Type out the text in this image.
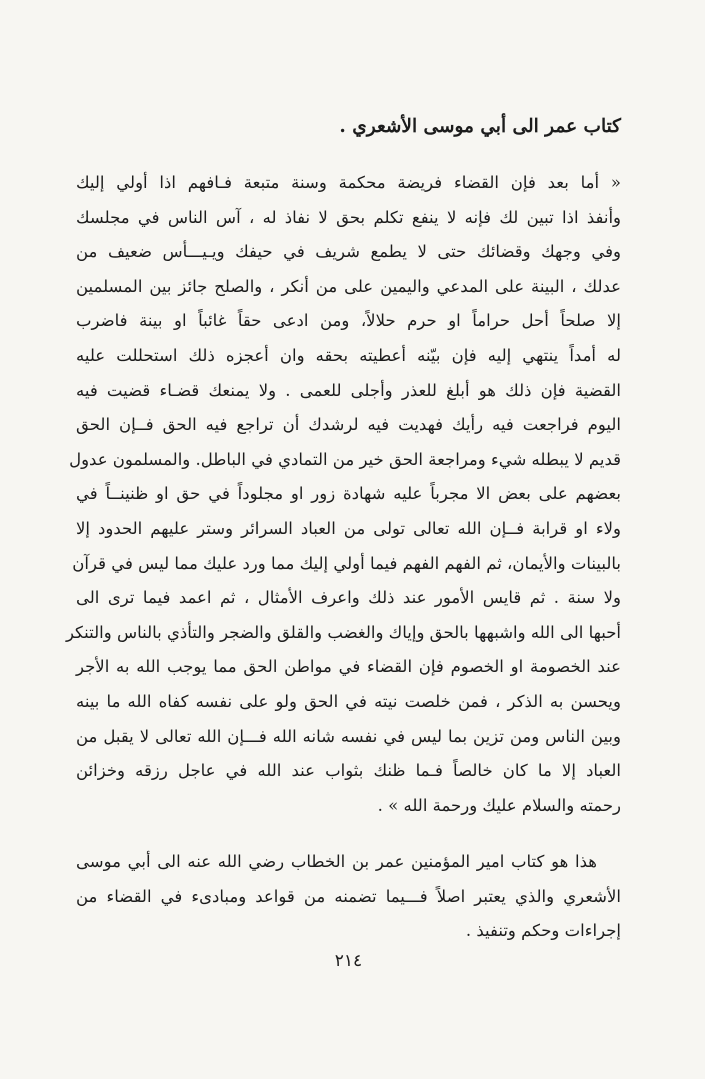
كتاب عمر الى أبي موسى الأشعري .
« أما بعد فإن القضاء فريضة محكمة وسنة متبعة فـافهم اذا أولي إليك
وأنفذ اذا تبين لك فإنه لا ينفع تكلم بحق لا نفاذ له ، آس الناس في مجلسك
وفي وجهك وقضائك حتى لا يطمع شريف في حيفك ويـيـــأس ضعيف من
عدلك ، البينة على المدعي واليمين على من أنكر ، والصلح جائز بين المسلمين
إلا صلحاً أحل حراماً او حرم حلالاً، ومن ادعى حقاً غائباً او بينة فاضرب
له أمداً ينتهي إليه فإن بيّنه أعطيته بحقه وان أعجزه ذلك استحللت عليه
القضية فإن ذلك هو أبلغ للعذر وأجلى للعمى . ولا يمنعك قضـاء قضيت فيه
اليوم فراجعت فيه رأيك فهديت فيه لرشدك أن تراجع فيه الحق فــإن الحق
قديم لا يبطله شيء ومراجعة الحق خير من التمادي في الباطل. والمسلمون عدول
بعضهم على بعض الا مجرباً عليه شهادة زور او مجلوداً في حق او ظنينــاً في
ولاء او قرابة فــإن الله تعالى تولى من العباد السرائر وستر عليهم الحدود إلا
بالبينات والأيمان، ثم الفهم الفهم فيما أولي إليك مما ورد عليك مما ليس في قرآن
ولا سنة . ثم قايس الأمور عند ذلك واعرف الأمثال ، ثم اعمد فيما ترى الى
أحبها الى الله واشبهها بالحق وإياك والغضب والقلق والضجر والتأذي بالناس والتنكر
عند الخصومة او الخصوم فإن القضاء في مواطن الحق مما يوجب الله به الأجر
ويحسن به الذكر ، فمن خلصت نيته في الحق ولو على نفسه كفاه الله ما بينه
وبين الناس ومن تزين بما ليس في نفسه شانه الله فـــإن الله تعالى لا يقبل من
العباد إلا ما كان خالصاً فـما ظنك بثواب عند الله في عاجل رزقه وخزائن
رحمته والسلام عليك ورحمة الله » .
هذا هو كتاب امير المؤمنين عمر بن الخطاب رضي الله عنه الى أبي موسى
الأشعري والذي يعتبر اصلاً فـــيما تضمنه من قواعد ومبادىء في القضاء من
إجراءات وحكم وتنفيذ .
٢١٤
